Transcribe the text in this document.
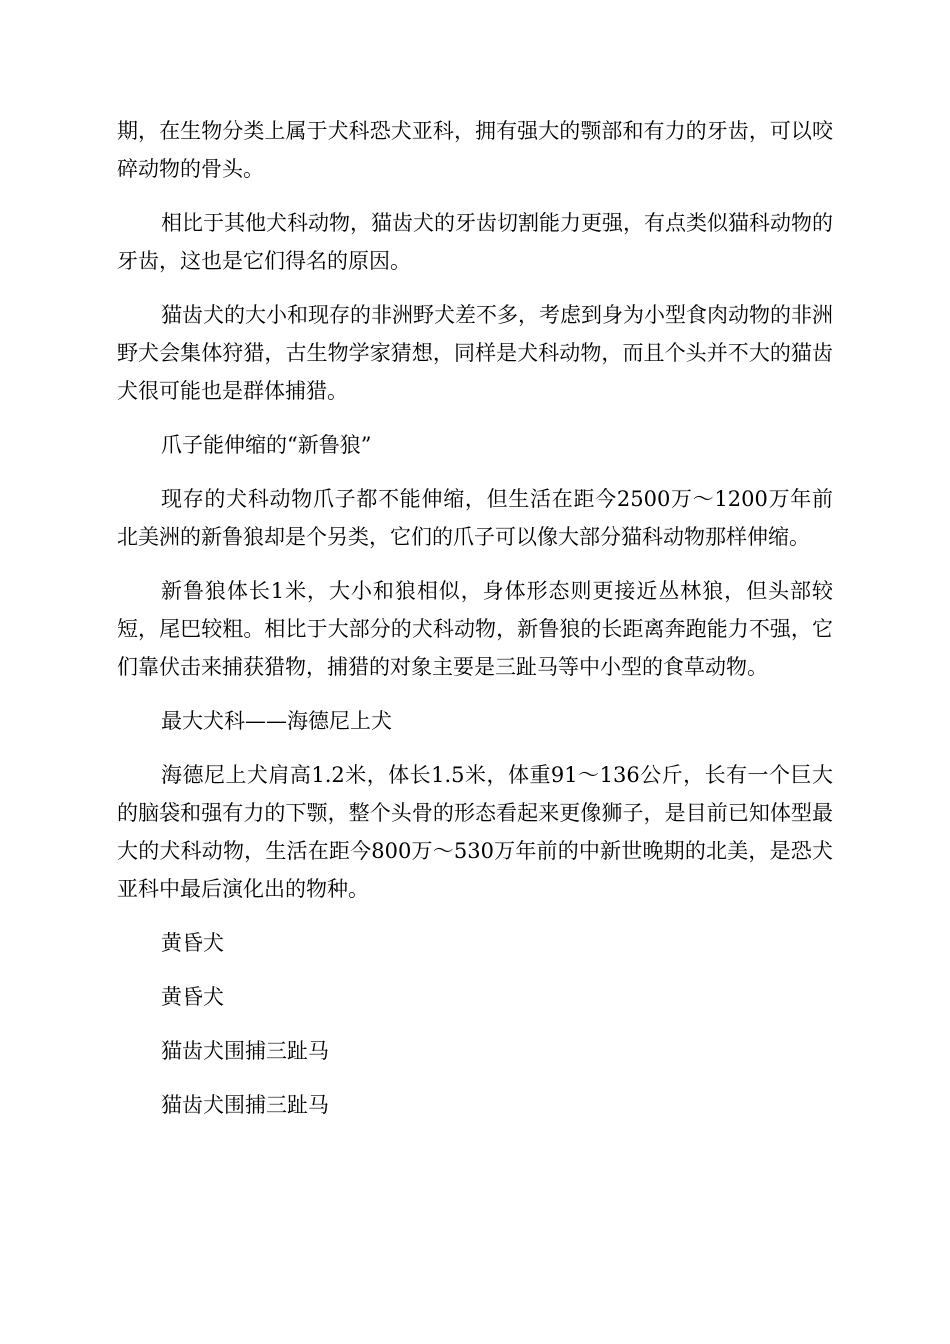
期，在生物分类上属于犬科恐犬亚科，拥有强大的颚部和有力的牙齿，可以咬碎动物的骨头。

相比于其他犬科动物，猫齿犬的牙齿切割能力更强，有点类似猫科动物的牙齿，这也是它们得名的原因。

猫齿犬的大小和现存的非洲野犬差不多，考虑到身为小型食肉动物的非洲野犬会集体狩猎，古生物学家猜想，同样是犬科动物，而且个头并不大的猫齿犬很可能也是群体捕猎。

爪子能伸缩的“新鲁狼”

现存的犬科动物爪子都不能伸缩，但生活在距今2500万～1200万年前北美洲的新鲁狼却是个另类，它们的爪子可以像大部分猫科动物那样伸缩。

新鲁狼体长1米，大小和狼相似，身体形态则更接近丛林狼，但头部较短，尾巴较粗。相比于大部分的犬科动物，新鲁狼的长距离奔跑能力不强，它们靠伏击来捕获猎物，捕猎的对象主要是三趾马等中小型的食草动物。

最大犬科——海德尼上犬

海德尼上犬肩高1.2米，体长1.5米，体重91～136公斤，长有一个巨大的脑袋和强有力的下颚，整个头骨的形态看起来更像狮子，是目前已知体型最大的犬科动物，生活在距今800万～530万年前的中新世晚期的北美，是恐犬亚科中最后演化出的物种。

黄昏犬

黄昏犬

猫齿犬围捕三趾马

猫齿犬围捕三趾马
